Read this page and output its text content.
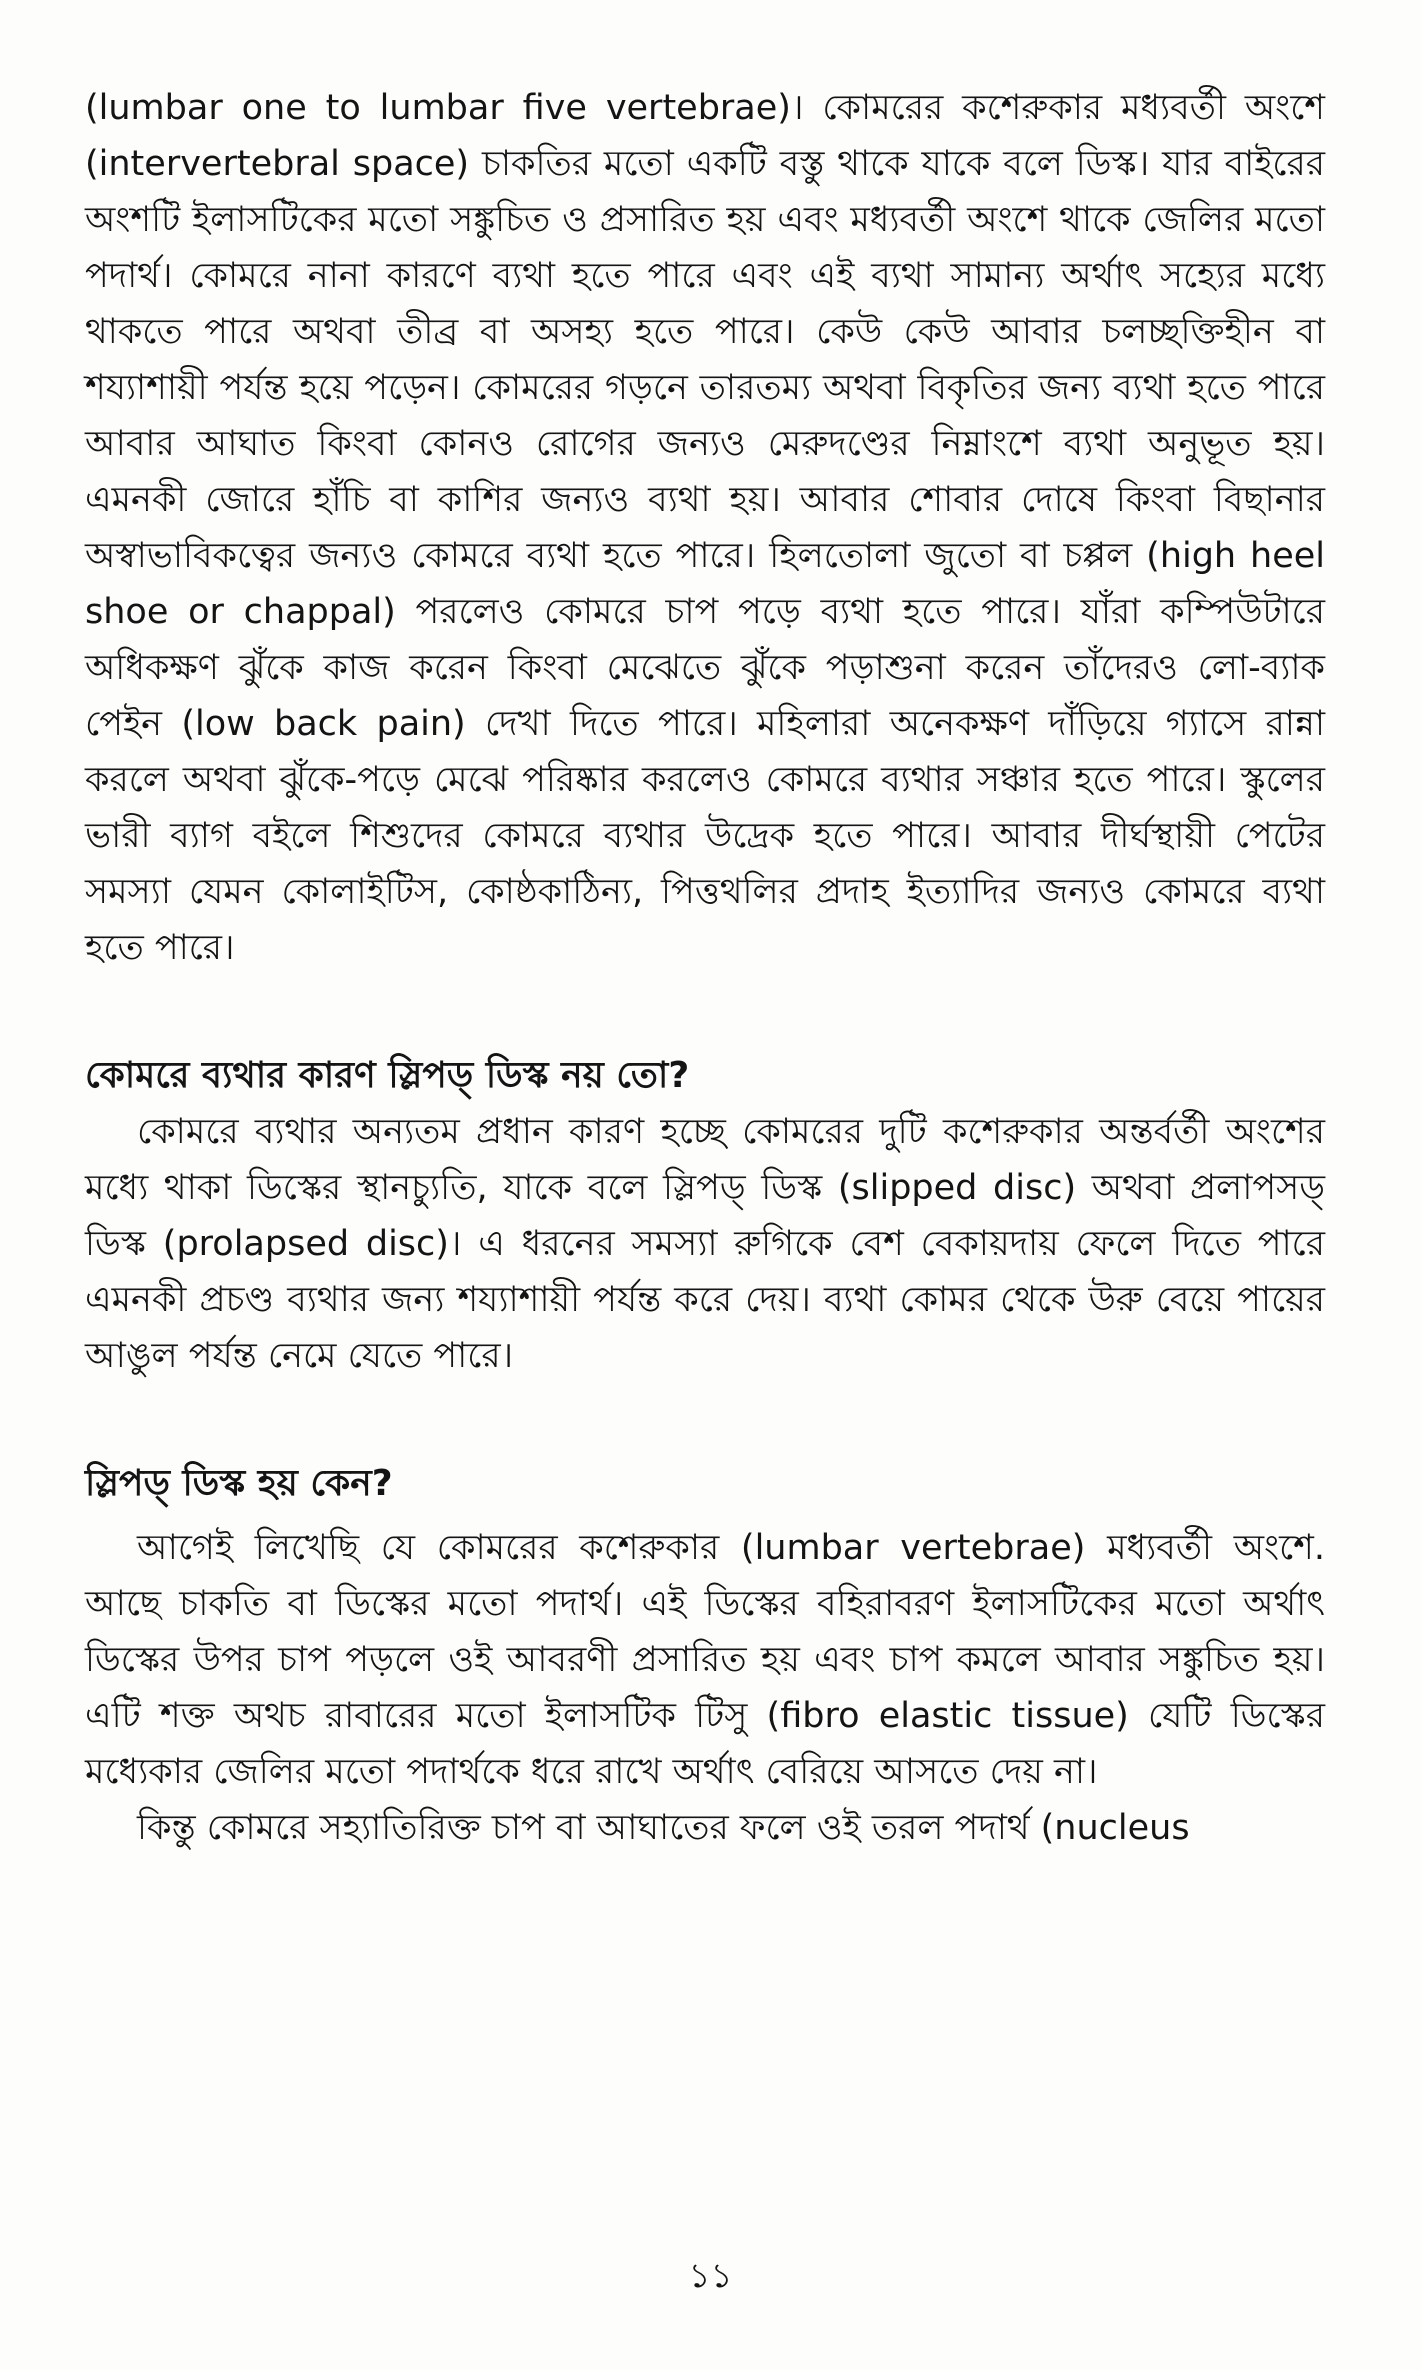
(lumbar one to lumbar five vertebrae)। কোমরের কশেরুকার মধ্যবর্তী অংশে (intervertebral space) চাকতির মতো একটি বস্তু থাকে যাকে বলে ডিস্ক। যার বাইরের অংশটি ইলাসটিকের মতো সঙ্কুচিত ও প্রসারিত হয় এবং মধ্যবর্তী অংশে থাকে জেলির মতো পদার্থ। কোমরে নানা কারণে ব্যথা হতে পারে এবং এই ব্যথা সামান্য অর্থাৎ সহ্যের মধ্যে থাকতে পারে অথবা তীব্র বা অসহ্য হতে পারে। কেউ কেউ আবার চলচ্ছক্তিহীন বা শয্যাশায়ী পর্যন্ত হয়ে পড়েন। কোমরের গড়নে তারতম্য অথবা বিকৃতির জন্য ব্যথা হতে পারে আবার আঘাত কিংবা কোনও রোগের জন্যও মেরুদণ্ডের নিম্নাংশে ব্যথা অনুভূত হয়। এমনকী জোরে হাঁচি বা কাশির জন্যও ব্যথা হয়। আবার শোবার দোষে কিংবা বিছানার অস্বাভাবিকত্বের জন্যও কোমরে ব্যথা হতে পারে। হিলতোলা জুতো বা চপ্পল (high heel shoe or chappal) পরলেও কোমরে চাপ পড়ে ব্যথা হতে পারে। যাঁরা কম্পিউটারে অধিকক্ষণ ঝুঁকে কাজ করেন কিংবা মেঝেতে ঝুঁকে পড়াশুনা করেন তাঁদেরও লো-ব্যাক পেইন (low back pain) দেখা দিতে পারে। মহিলারা অনেকক্ষণ দাঁড়িয়ে গ্যাসে রান্না করলে অথবা ঝুঁকে-পড়ে মেঝে পরিষ্কার করলেও কোমরে ব্যথার সঞ্চার হতে পারে। স্কুলের ভারী ব্যাগ বইলে শিশুদের কোমরে ব্যথার উদ্রেক হতে পারে। আবার দীর্ঘস্থায়ী পেটের সমস্যা যেমন কোলাইটিস, কোষ্ঠকাঠিন্য, পিত্তথলির প্রদাহ ইত্যাদির জন্যও কোমরে ব্যথা হতে পারে।

কোমরে ব্যথার কারণ স্লিপড্ ডিস্ক নয় তো?

কোমরে ব্যথার অন্যতম প্রধান কারণ হচ্ছে কোমরের দুটি কশেরুকার অন্তর্বর্তী অংশের মধ্যে থাকা ডিস্কের স্থানচ্যুতি, যাকে বলে স্লিপড্ ডিস্ক (slipped disc) অথবা প্রলাপসড্ ডিস্ক (prolapsed disc)। এ ধরনের সমস্যা রুগিকে বেশ বেকায়দায় ফেলে দিতে পারে এমনকী প্রচণ্ড ব্যথার জন্য শয্যাশায়ী পর্যন্ত করে দেয়। ব্যথা কোমর থেকে উরু বেয়ে পায়ের আঙুল পর্যন্ত নেমে যেতে পারে।

স্লিপড্ ডিস্ক হয় কেন?

আগেই লিখেছি যে কোমরের কশেরুকার (lumbar vertebrae) মধ্যবর্তী অংশে. আছে চাকতি বা ডিস্কের মতো পদার্থ। এই ডিস্কের বহিরাবরণ ইলাসটিকের মতো অর্থাৎ ডিস্কের উপর চাপ পড়লে ওই আবরণী প্রসারিত হয় এবং চাপ কমলে আবার সঙ্কুচিত হয়। এটি শক্ত অথচ রাবারের মতো ইলাসটিক টিসু (fibro elastic tissue) যেটি ডিস্কের মধ্যেকার জেলির মতো পদার্থকে ধরে রাখে অর্থাৎ বেরিয়ে আসতে দেয় না।

কিন্তু কোমরে সহ্যাতিরিক্ত চাপ বা আঘাতের ফলে ওই তরল পদার্থ (nucleus

১১
